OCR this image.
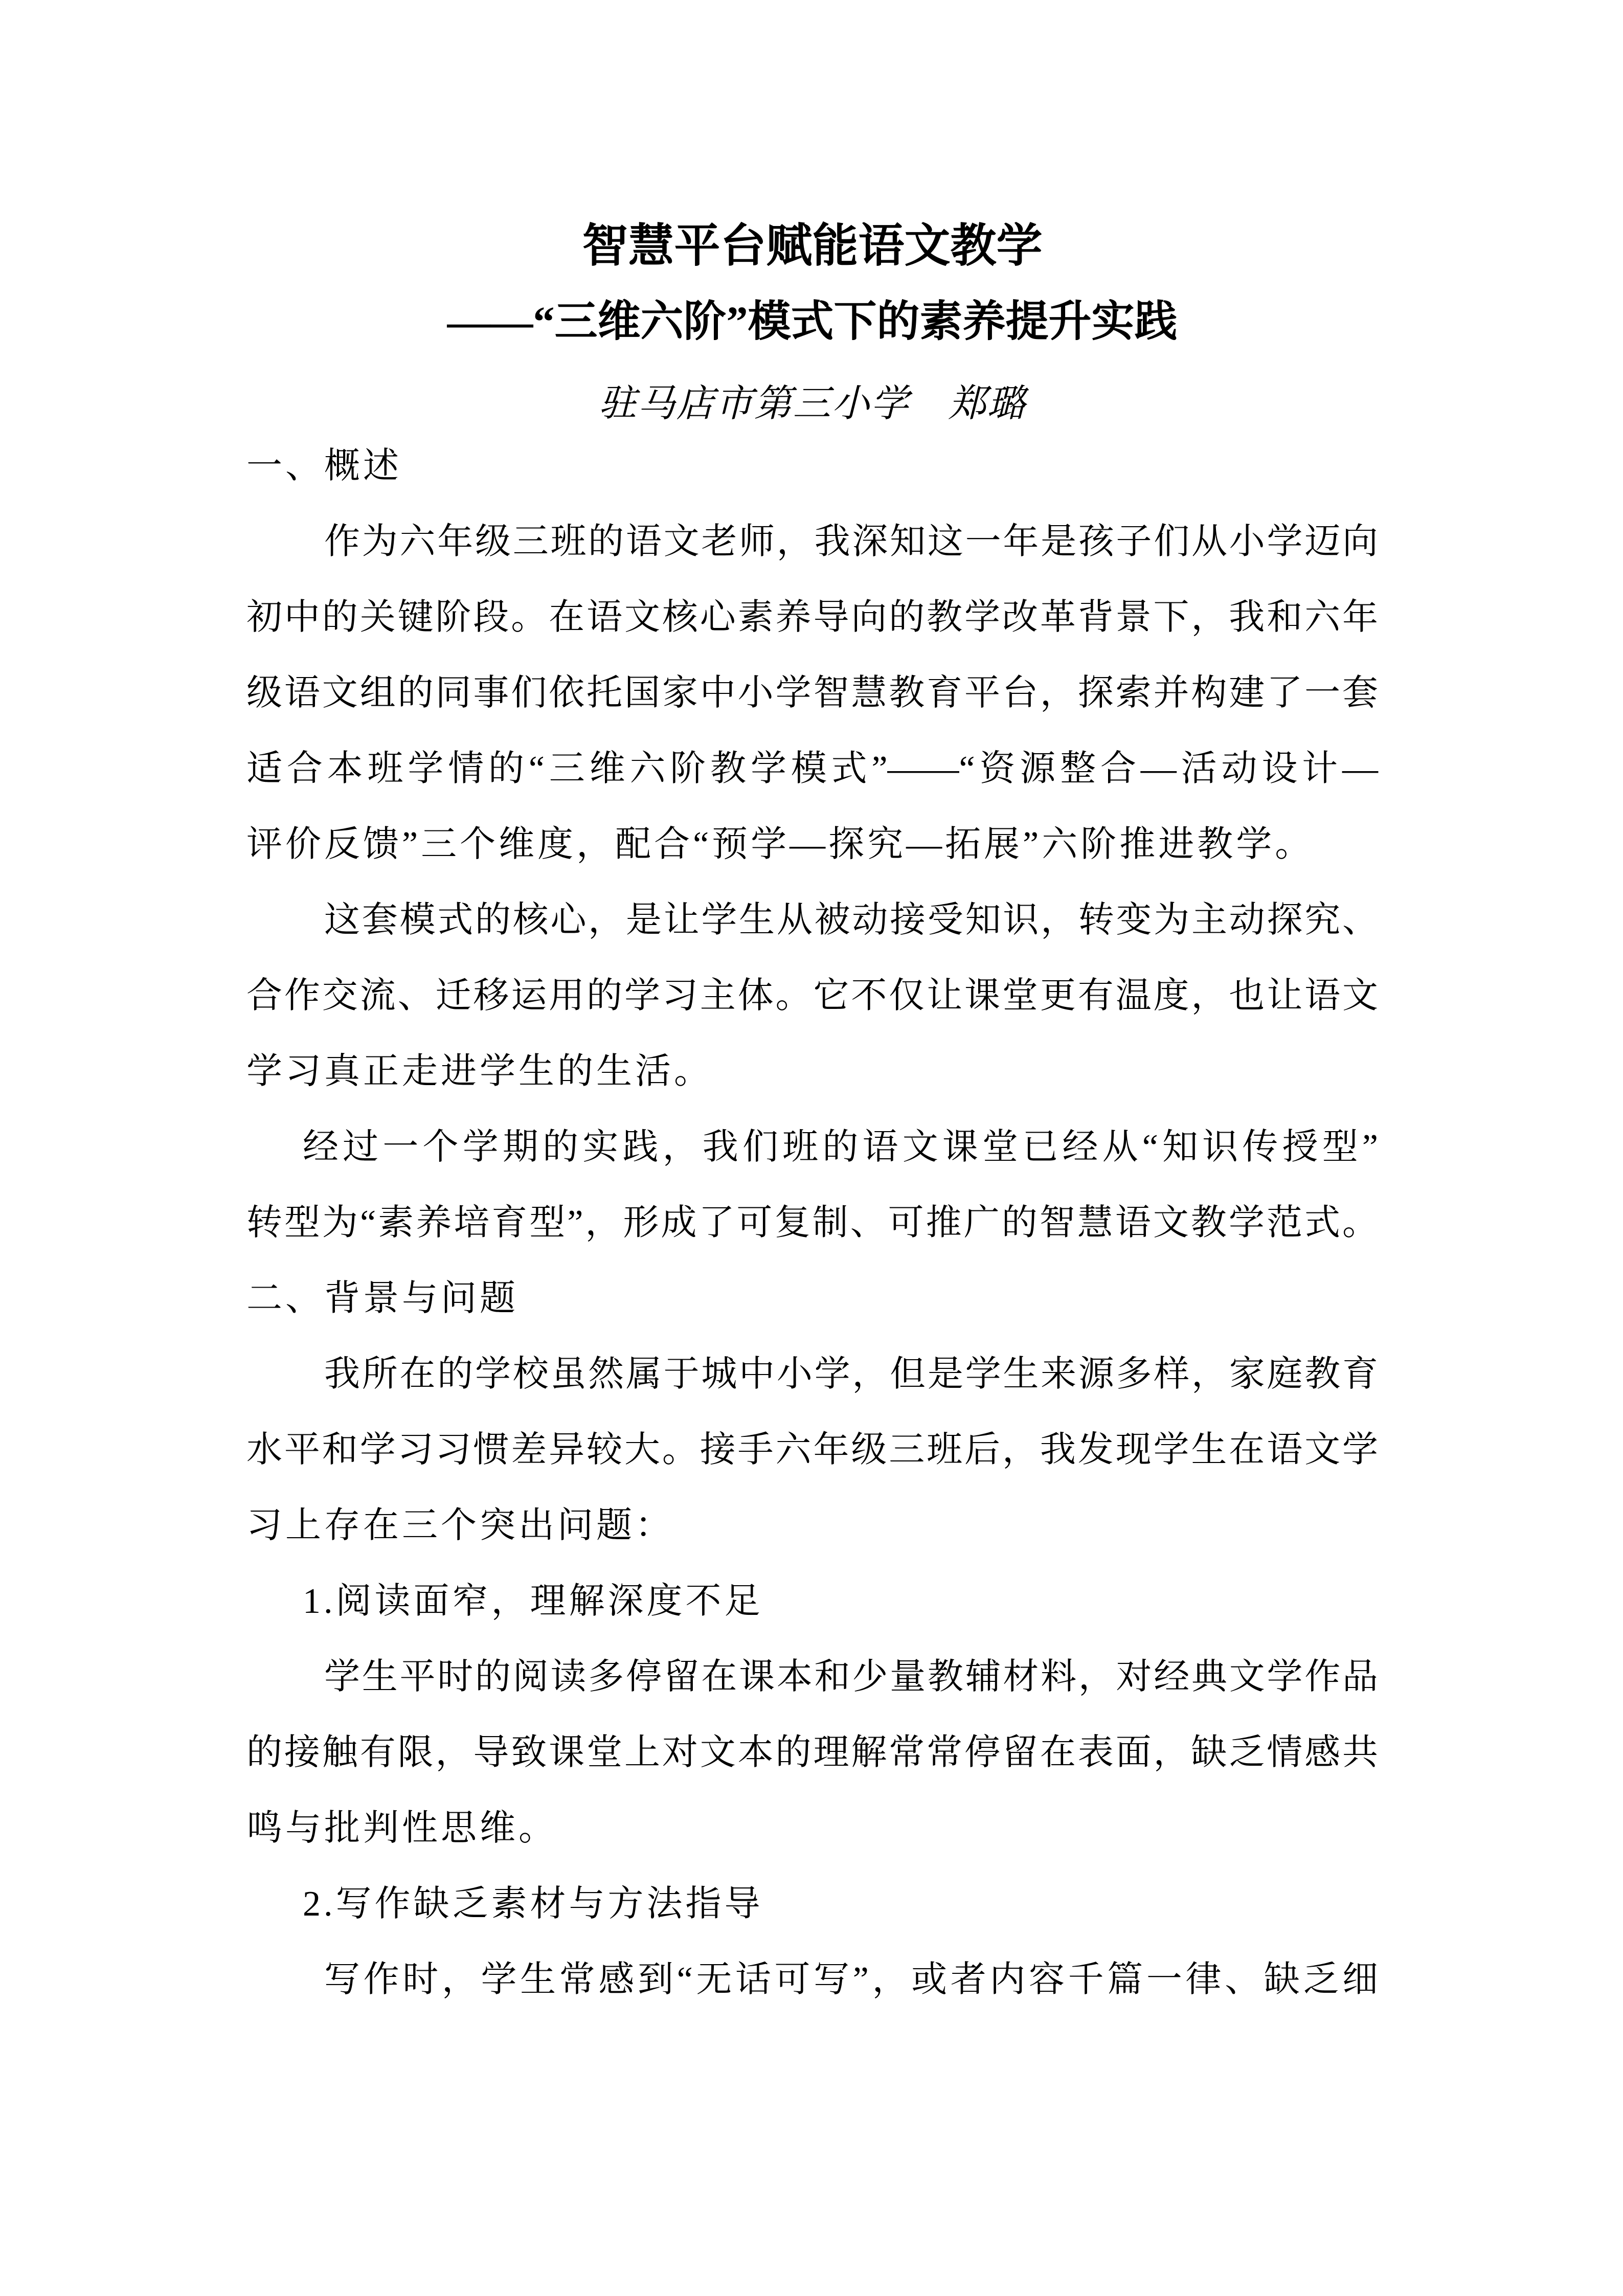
智慧平台赋能语文教学
——“三维六阶”模式下的素养提升实践
驻马店市第三小学　郑璐
一、概述
作为六年级三班的语文老师，我深知这一年是孩子们从小学迈向
初中的关键阶段。在语文核心素养导向的教学改革背景下，我和六年
级语文组的同事们依托国家中小学智慧教育平台，探索并构建了一套
适合本班学情的“三维六阶教学模式”——“资源整合—活动设计—
评价反馈”三个维度，配合“预学—探究—拓展”六阶推进教学。
这套模式的核心，是让学生从被动接受知识，转变为主动探究、
合作交流、迁移运用的学习主体。它不仅让课堂更有温度，也让语文
学习真正走进学生的生活。
经过一个学期的实践，我们班的语文课堂已经从“知识传授型”
转型为“素养培育型”，形成了可复制、可推广的智慧语文教学范式。
二、背景与问题
我所在的学校虽然属于城中小学，但是学生来源多样，家庭教育
水平和学习习惯差异较大。接手六年级三班后，我发现学生在语文学
习上存在三个突出问题：
1.阅读面窄，理解深度不足
学生平时的阅读多停留在课本和少量教辅材料，对经典文学作品
的接触有限，导致课堂上对文本的理解常常停留在表面，缺乏情感共
鸣与批判性思维。
2.写作缺乏素材与方法指导
写作时，学生常感到“无话可写”，或者内容千篇一律、缺乏细
